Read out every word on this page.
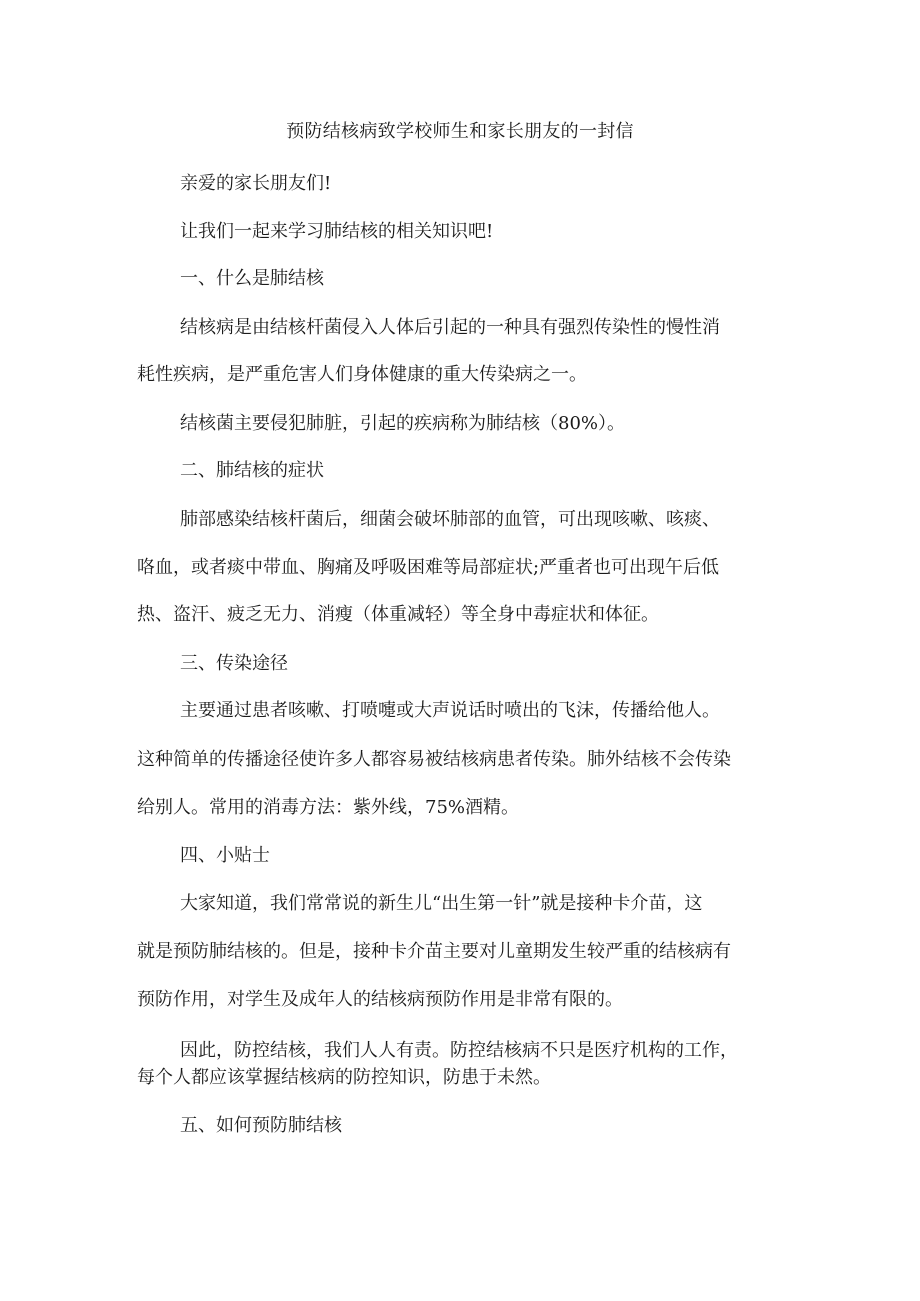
预防结核病致学校师生和家长朋友的一封信

亲爱的家长朋友们!

让我们一起来学习肺结核的相关知识吧!

一、什么是肺结核

结核病是由结核杆菌侵入人体后引起的一种具有强烈传染性的慢性消

耗性疾病，是严重危害人们身体健康的重大传染病之一。

结核菌主要侵犯肺脏，引起的疾病称为肺结核（80%）。

二、肺结核的症状

肺部感染结核杆菌后，细菌会破坏肺部的血管，可出现咳嗽、咳痰、

咯血，或者痰中带血、胸痛及呼吸困难等局部症状;严重者也可出现午后低

热、盗汗、疲乏无力、消瘦（体重减轻）等全身中毒症状和体征。

三、传染途径

主要通过患者咳嗽、打喷嚏或大声说话时喷出的飞沫，传播给他人。

这种简单的传播途径使许多人都容易被结核病患者传染。肺外结核不会传染

给别人。常用的消毒方法：紫外线，75%酒精。

四、小贴士

大家知道，我们常常说的新生儿“出生第一针”就是接种卡介苗，这

就是预防肺结核的。但是，接种卡介苗主要对儿童期发生较严重的结核病有

预防作用，对学生及成年人的结核病预防作用是非常有限的。

因此，防控结核，我们人人有责。防控结核病不只是医疗机构的工作，

每个人都应该掌握结核病的防控知识，防患于未然。

五、如何预防肺结核
